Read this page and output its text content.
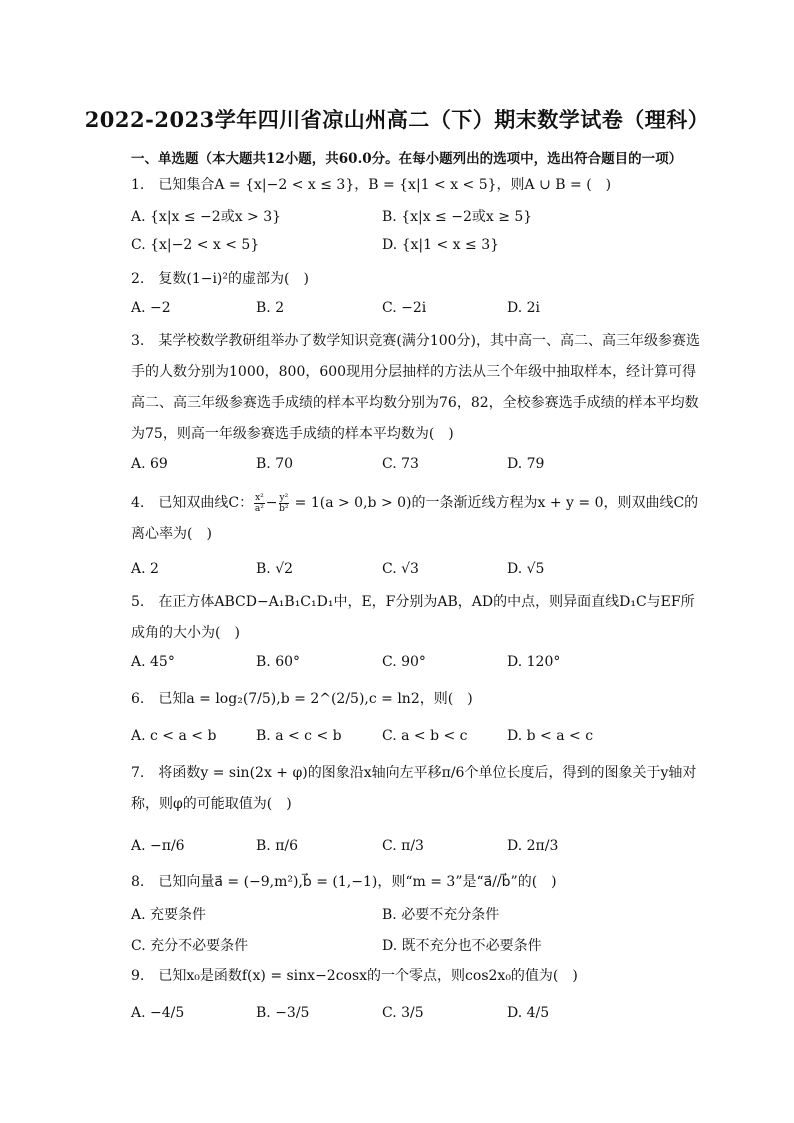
2022-2023学年四川省凉山州高二（下）期末数学试卷（理科）
一、单选题（本大题共12小题，共60.0分。在每小题列出的选项中，选出符合题目的一项）
1.　已知集合A = {x|−2 < x ≤ 3}，B = {x|1 < x < 5}，则A ∪ B = (　)
A. {x|x ≤ −2或x > 3}	B. {x|x ≤ −2或x ≥ 5}
C. {x|−2 < x < 5}	D. {x|1 < x ≤ 3}
2.　复数(1−i)²的虚部为(　)
A. −2	B. 2	C. −2i	D. 2i
3.　某学校数学教研组举办了数学知识竞赛(满分100分)，其中高一、高二、高三年级参赛选手的人数分别为1000，800，600现用分层抽样的方法从三个年级中抽取样本，经计算可得高二、高三年级参赛选手成绩的样本平均数分别为76，82，全校参赛选手成绩的样本平均数为75，则高一年级参赛选手成绩的样本平均数为(　)
A. 69	B. 70	C. 73	D. 79
4.　已知双曲线C： $\frac{\text{x²}}{\text{a²}} - \frac{\text{y²}}{\text{b²}} = 1(a > 0,b > 0)$的一条渐近线方程为x + y = 0，则双曲线C的离心率为(　)
A. 2	B. √2	C. √3	D. √5
5.　在正方体ABCD−A₁B₁C₁D₁中，E，F分别为AB，AD的中点，则异面直线D₁C与EF所成角的大小为(　)
A. 45°	B. 60°	C. 90°	D. 120°
6.　已知a = log₂(7/5),b = 2^(2/5),c = ln2，则(　)
A. c < a < b	B. a < c < b	C. a < b < c	D. b < a < c
7.　将函数y = sin(2x + φ)的图象沿x轴向左平移π/6个单位长度后，得到的图象关于y轴对称，则φ的可能取值为(　)
A. −π/6	B. π/6	C. π/3	D. 2π/3
8.　已知向量a⃗ = (−9,m²),b⃗ = (1,−1)，则“m = 3”是“a⃗//b⃗”的(　)
A. 充要条件	B. 必要不充分条件
C. 充分不必要条件	D. 既不充分也不必要条件
9.　已知x₀是函数f(x) = sinx−2cosx的一个零点，则cos2x₀的值为(　)
A. −4/5	B. −3/5	C. 3/5	D. 4/5
